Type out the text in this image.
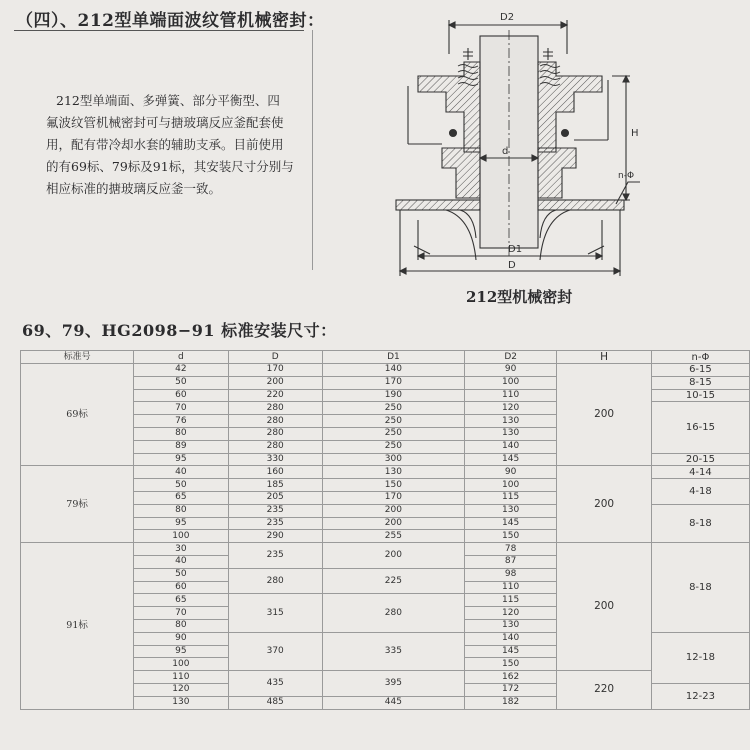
（四）、212型单端面波纹管机械密封：
212型单端面、多弹簧、部分平衡型、四
氟波纹管机械密封可与搪玻璃反应釜配套使
用，配有带冷却水套的辅助支承。目前使用
的有69标、79标及91标，其安装尺寸分别与
相应标准的搪玻璃反应釜一致。
D2
H
d
n-Φ
D1
D
212型机械密封
69、79、HG2098−91 标准安装尺寸：
标准号	d	D	D1	D2	H	n-Φ
69标	42	170	140	90	200	6-15
	50	200	170	100		8-15
	60	220	190	110		10-15
	70	280	250	120		16-15
	76	280	250	130		
	80	280	250	130		
	89	280	250	140		
	95	330	300	145		20-15
79标	40	160	130	90	200	4-14
	50	185	150	100		4-18
	65	205	170	115		
	80	235	200	130		8-18
	95	235	200	145		
	100	290	255	150		
91标	30	235	200	78	200	8-18
	40			87		
	50	280	225	98		
	60			110		
	65	315	280	115		
	70			120		
	80			130		
	90	370	335	140		12-18
	95			145		
	100			150		
	110	435	395	162	220	
	120			172		12-23
	130	485	445	182		
